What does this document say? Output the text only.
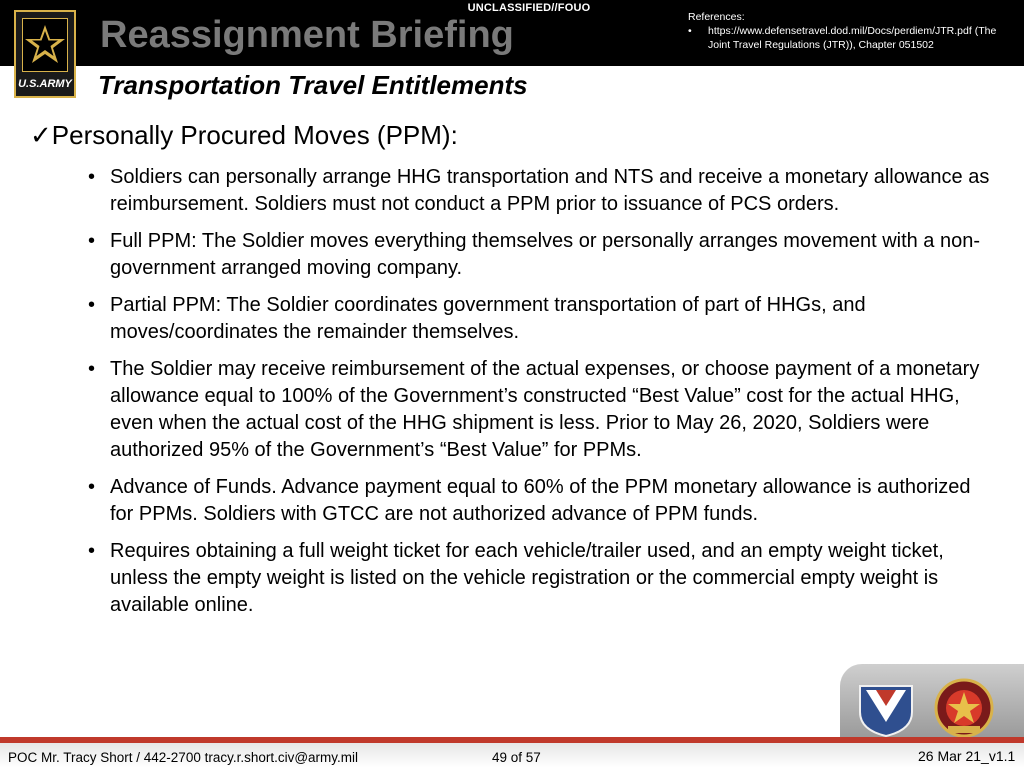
UNCLASSIFIED//FOUO
U.S.ARMY
Reassignment Briefing	References:
• https://www.defensetravel.dod.mil/Docs/perdiem/JTR.pdf (The Joint Travel Regulations (JTR)), Chapter 051502
Transportation Travel Entitlements
✓Personally Procured Moves (PPM):
• Soldiers can personally arrange HHG transportation and NTS and receive a monetary allowance as reimbursement. Soldiers must not conduct a PPM prior to issuance of PCS orders.
• Full PPM: The Soldier moves everything themselves or personally arranges movement with a non-government arranged moving company.
• Partial PPM: The Soldier coordinates government transportation of part of HHGs, and moves/coordinates the remainder themselves.
• The Soldier may receive reimbursement of the actual expenses, or choose payment of a monetary allowance equal to 100% of the Government’s constructed “Best Value” cost for the actual HHG, even when the actual cost of the HHG shipment is less. Prior to May 26, 2020, Soldiers were authorized 95% of the Government’s “Best Value” for PPMs.
• Advance of Funds. Advance payment equal to 60% of the PPM monetary allowance is authorized for PPMs. Soldiers with GTCC are not authorized advance of PPM funds.
• Requires obtaining a full weight ticket for each vehicle/trailer used, and an empty weight ticket, unless the empty weight is listed on the vehicle registration or the commercial empty weight is available online.
POC Mr. Tracy Short / 442-2700 tracy.r.short.civ@army.mil	49 of 57	26 Mar 21_v1.1
